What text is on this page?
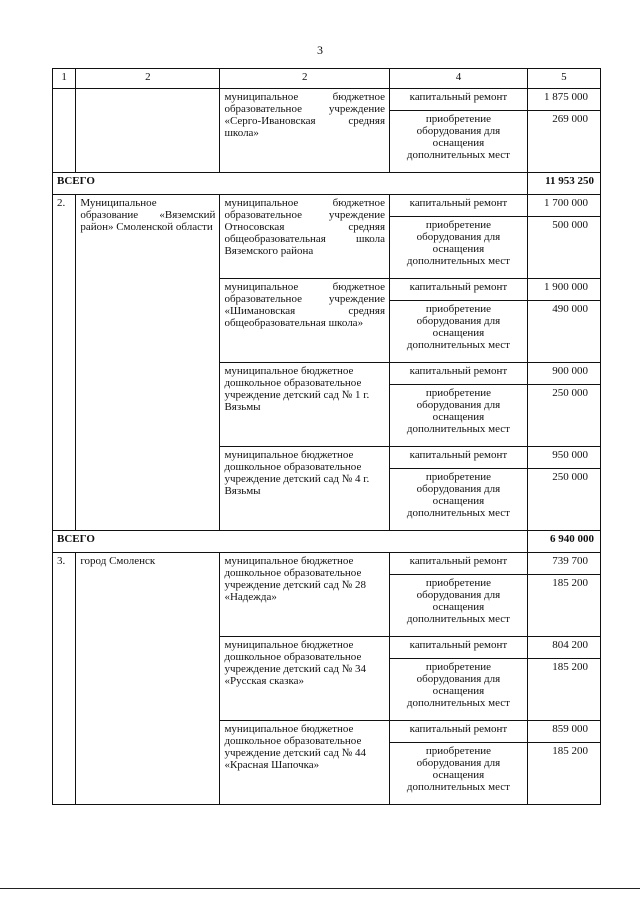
3
1	2	2	4	5
		муниципальное бюджетное образовательное учреждение «Серго-Ивановская средняя школа»	капитальный ремонт	1 875 000
			приобретение оборудования для оснащения дополнительных мест	269 000
ВСЕГО				11 953 250
2.	Муниципальное образование «Вяземский район» Смоленской области	муниципальное бюджетное образовательное учреждение Относовская средняя общеобразовательная школа Вяземского района	капитальный ремонт	1 700 000
			приобретение оборудования для оснащения дополнительных мест	500 000
		муниципальное бюджетное образовательное учреждение «Шимановская средняя общеобразовательная школа»	капитальный ремонт	1 900 000
			приобретение оборудования для оснащения дополнительных мест	490 000
		муниципальное бюджетное дошкольное образовательное учреждение детский сад № 1 г. Вязьмы	капитальный ремонт	900 000
			приобретение оборудования для оснащения дополнительных мест	250 000
		муниципальное бюджетное дошкольное образовательное учреждение детский сад № 4 г. Вязьмы	капитальный ремонт	950 000
			приобретение оборудования для оснащения дополнительных мест	250 000
ВСЕГО				6 940 000
3.	город Смоленск	муниципальное бюджетное дошкольное образовательное учреждение детский сад № 28 «Надежда»	капитальный ремонт	739 700
			приобретение оборудования для оснащения дополнительных мест	185 200
		муниципальное бюджетное дошкольное образовательное учреждение детский сад № 34 «Русская сказка»	капитальный ремонт	804 200
			приобретение оборудования для оснащения дополнительных мест	185 200
		муниципальное бюджетное дошкольное образовательное учреждение детский сад № 44 «Красная Шапочка»	капитальный ремонт	859 000
			приобретение оборудования для оснащения дополнительных мест	185 200
